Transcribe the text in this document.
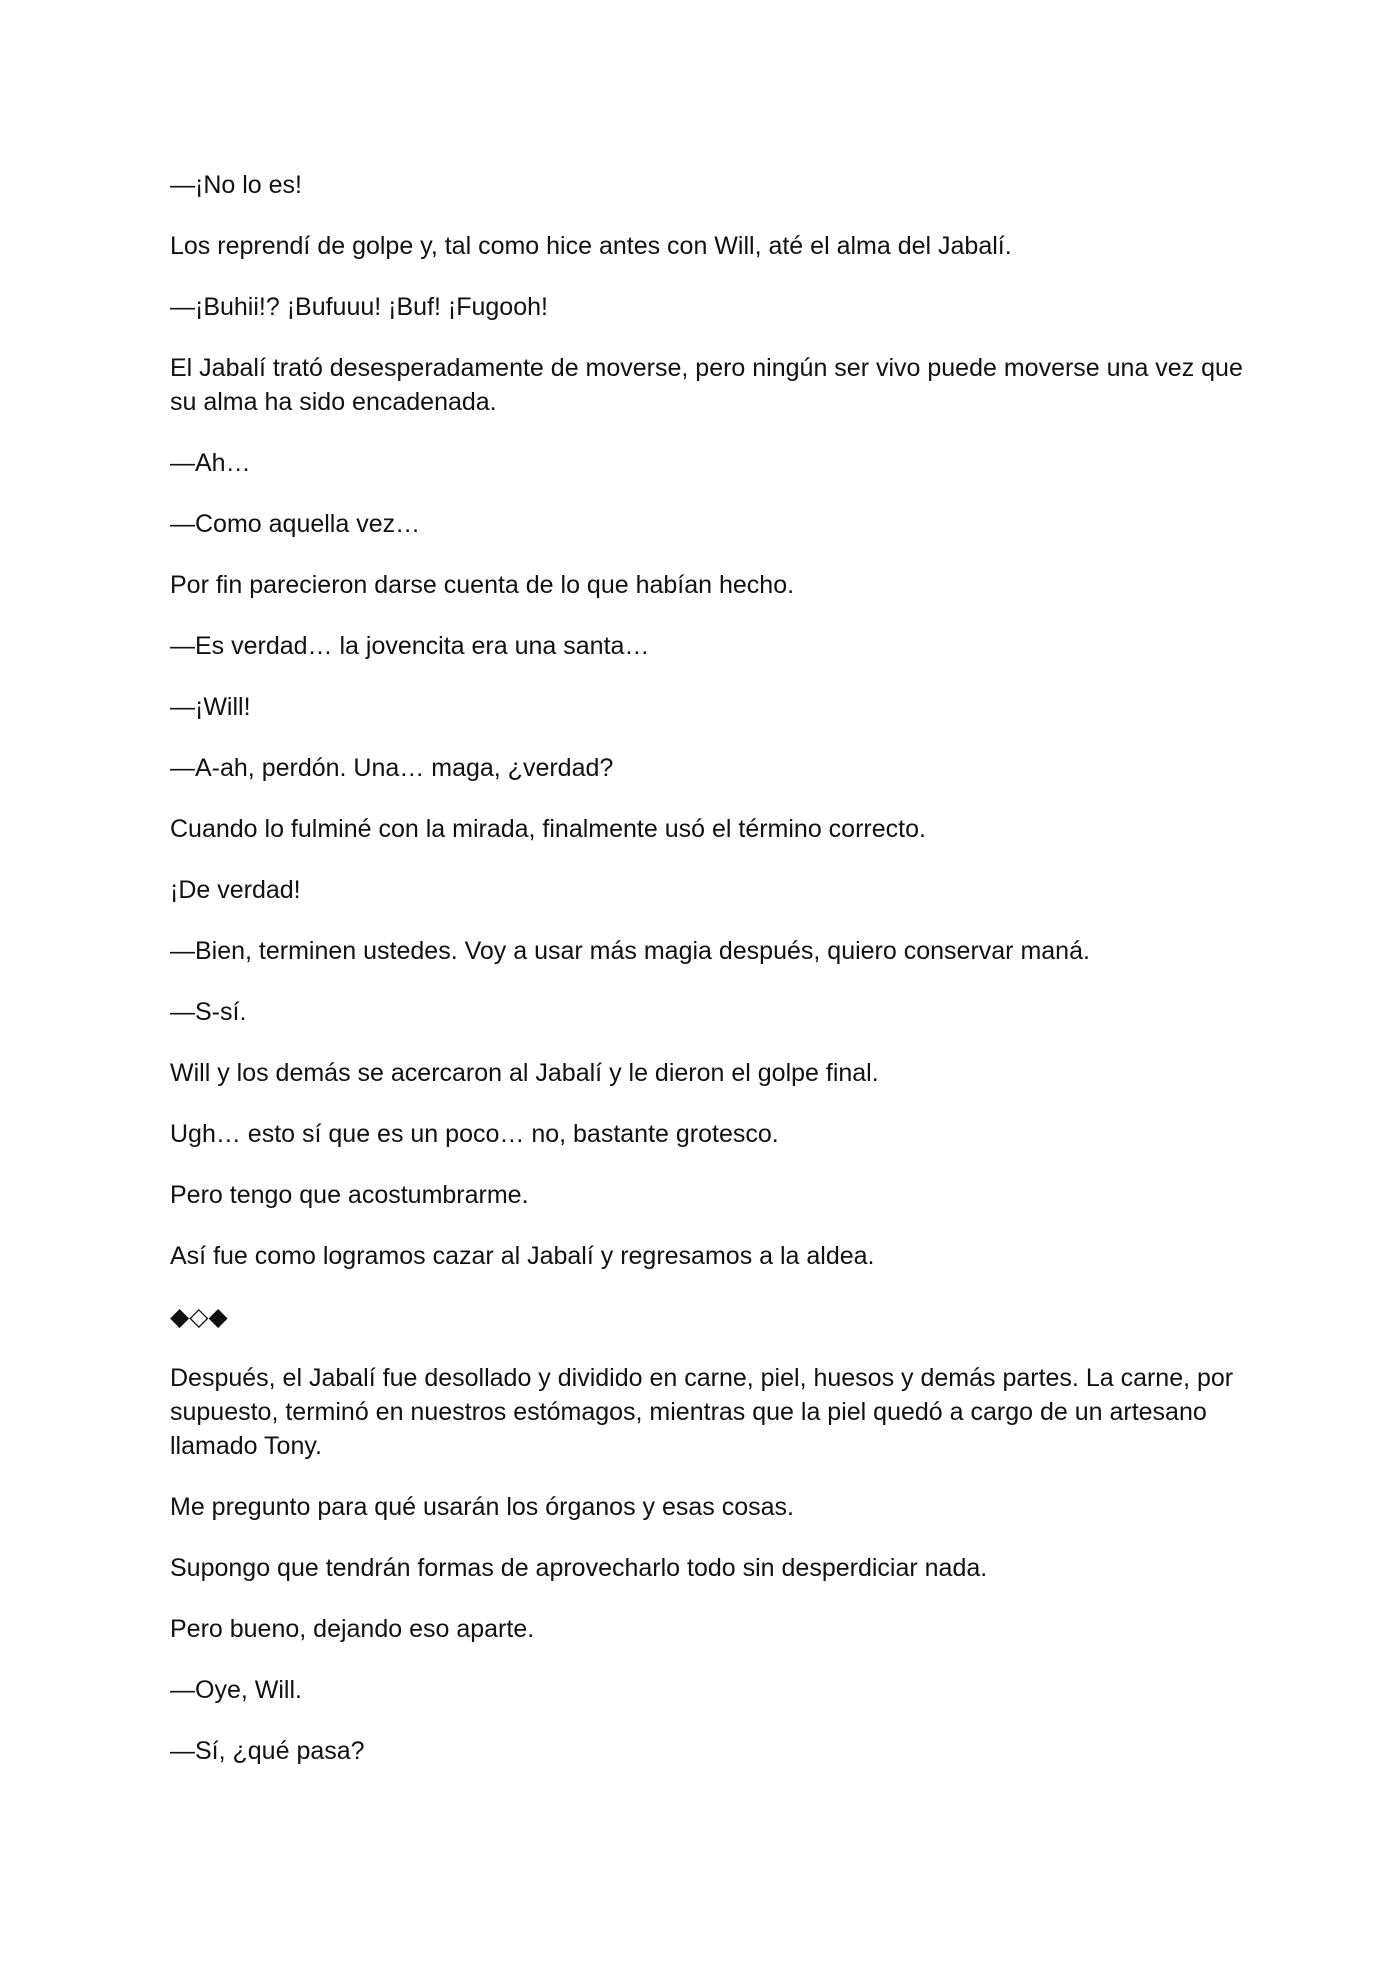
—¡No lo es!

Los reprendí de golpe y, tal como hice antes con Will, até el alma del Jabalí.

—¡Buhii!? ¡Bufuuu! ¡Buf! ¡Fugooh!

El Jabalí trató desesperadamente de moverse, pero ningún ser vivo puede moverse una vez que su alma ha sido encadenada.

—Ah…

—Como aquella vez…

Por fin parecieron darse cuenta de lo que habían hecho.

—Es verdad… la jovencita era una santa…

—¡Will!

—A-ah, perdón. Una… maga, ¿verdad?

Cuando lo fulminé con la mirada, finalmente usó el término correcto.

¡De verdad!

—Bien, terminen ustedes. Voy a usar más magia después, quiero conservar maná.

—S-sí.

Will y los demás se acercaron al Jabalí y le dieron el golpe final.

Ugh… esto sí que es un poco… no, bastante grotesco.

Pero tengo que acostumbrarme.

Así fue como logramos cazar al Jabalí y regresamos a la aldea.

◆◇◆

Después, el Jabalí fue desollado y dividido en carne, piel, huesos y demás partes. La carne, por supuesto, terminó en nuestros estómagos, mientras que la piel quedó a cargo de un artesano llamado Tony.

Me pregunto para qué usarán los órganos y esas cosas.

Supongo que tendrán formas de aprovecharlo todo sin desperdiciar nada.

Pero bueno, dejando eso aparte.

—Oye, Will.

—Sí, ¿qué pasa?
